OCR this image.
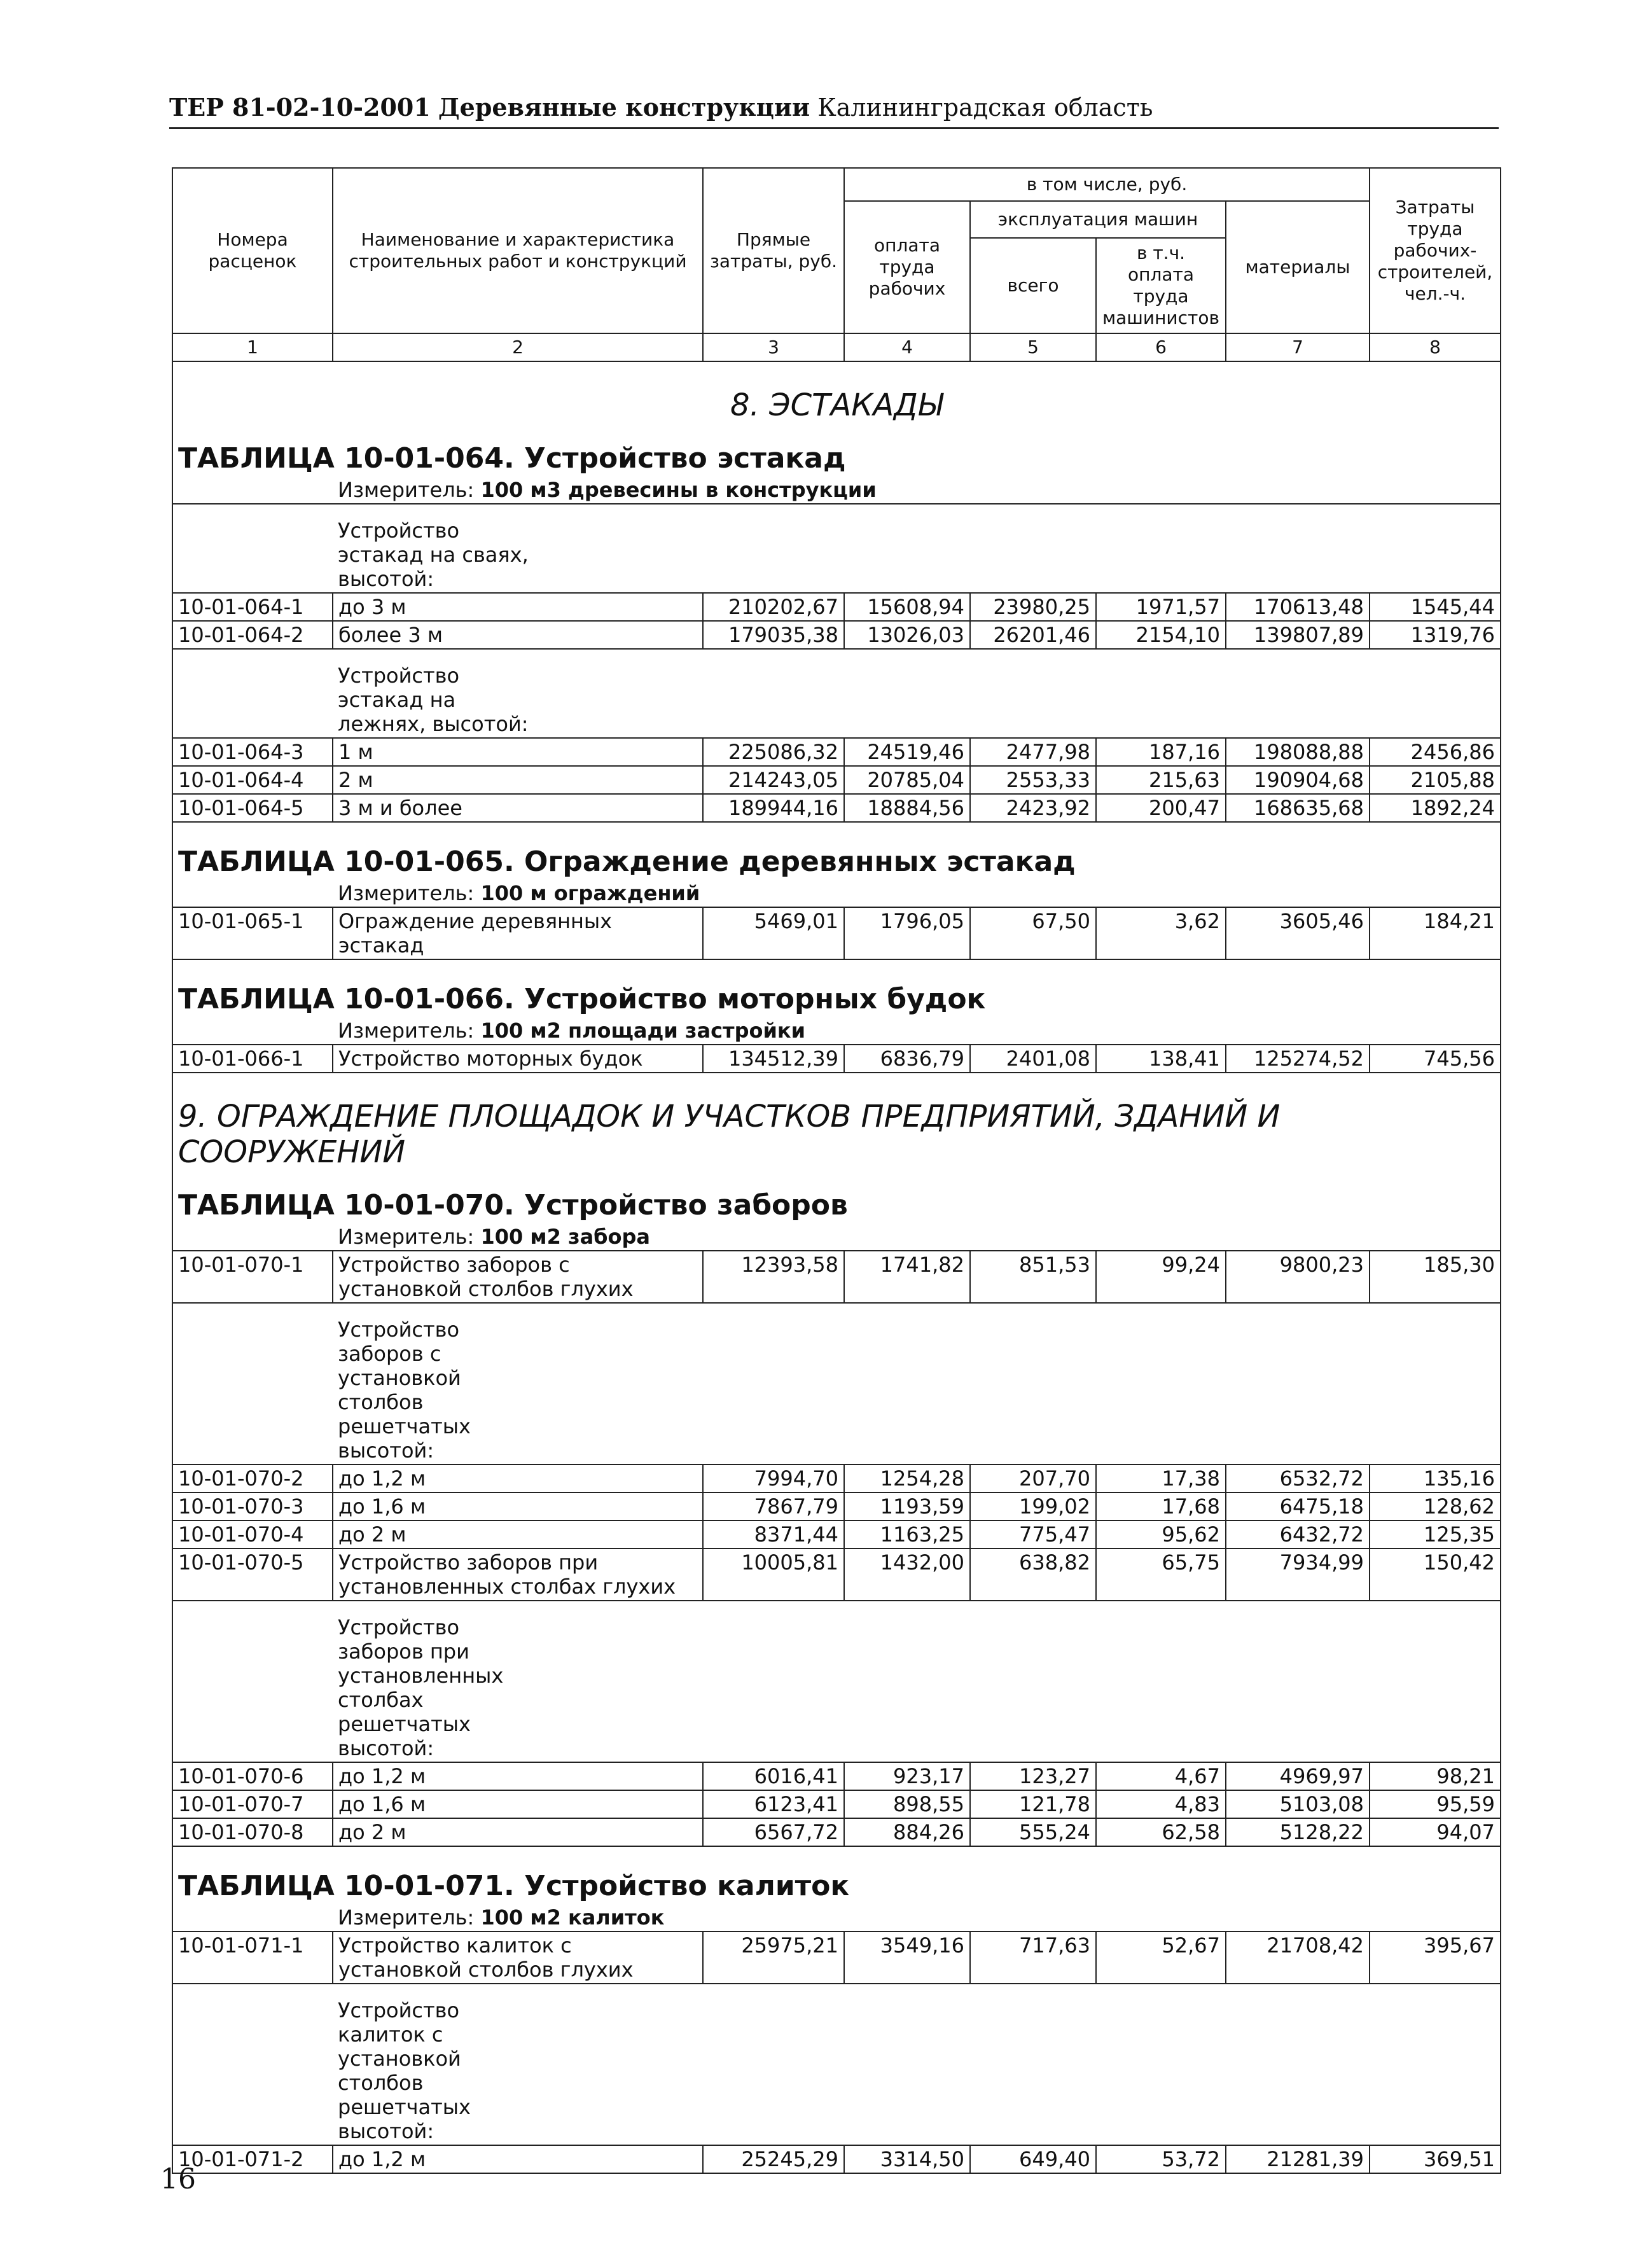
ТЕР 81-02-10-2001 Деревянные конструкции Калининградская область
Номера расценок	Наименование и характеристика строительных работ и конструкций	Прямые затраты, руб.	в том числе, руб.				Затраты труда рабочих-строителей, чел.-ч.
			оплата труда рабочих	эксплуатация машин		материалы	
				всего	в т.ч. оплата труда машинистов		
1	2	3	4	5	6	7	8
8. ЭСТАКАДЫ							
ТАБЛИЦА 10-01-064. Устройство эстакад							
	Измеритель: 100 м3 древесины в конструкции						
	Устройство эстакад на сваях, высотой:						
10-01-064-1	до 3 м	210202,67	15608,94	23980,25	1971,57	170613,48	1545,44
10-01-064-2	более 3 м	179035,38	13026,03	26201,46	2154,10	139807,89	1319,76
	Устройство эстакад на лежнях, высотой:						
10-01-064-3	1 м	225086,32	24519,46	2477,98	187,16	198088,88	2456,86
10-01-064-4	2 м	214243,05	20785,04	2553,33	215,63	190904,68	2105,88
10-01-064-5	3 м и более	189944,16	18884,56	2423,92	200,47	168635,68	1892,24
ТАБЛИЦА 10-01-065. Ограждение деревянных эстакад							
	Измеритель: 100 м ограждений						
10-01-065-1	Ограждение деревянных эстакад	5469,01	1796,05	67,50	3,62	3605,46	184,21
ТАБЛИЦА 10-01-066. Устройство моторных будок							
	Измеритель: 100 м2 площади застройки						
10-01-066-1	Устройство моторных будок	134512,39	6836,79	2401,08	138,41	125274,52	745,56
9. ОГРАЖДЕНИЕ ПЛОЩАДОК И УЧАСТКОВ ПРЕДПРИЯТИЙ, ЗДАНИЙ И СООРУЖЕНИЙ							
ТАБЛИЦА 10-01-070. Устройство заборов							
	Измеритель: 100 м2 забора						
10-01-070-1	Устройство заборов с установкой столбов глухих	12393,58	1741,82	851,53	99,24	9800,23	185,30
	Устройство заборов с установкой столбов решетчатых высотой:						
10-01-070-2	до 1,2 м	7994,70	1254,28	207,70	17,38	6532,72	135,16
10-01-070-3	до 1,6 м	7867,79	1193,59	199,02	17,68	6475,18	128,62
10-01-070-4	до 2 м	8371,44	1163,25	775,47	95,62	6432,72	125,35
10-01-070-5	Устройство заборов при установленных столбах глухих	10005,81	1432,00	638,82	65,75	7934,99	150,42
	Устройство заборов при установленных столбах решетчатых высотой:						
10-01-070-6	до 1,2 м	6016,41	923,17	123,27	4,67	4969,97	98,21
10-01-070-7	до 1,6 м	6123,41	898,55	121,78	4,83	5103,08	95,59
10-01-070-8	до 2 м	6567,72	884,26	555,24	62,58	5128,22	94,07
ТАБЛИЦА 10-01-071. Устройство калиток							
	Измеритель: 100 м2 калиток						
10-01-071-1	Устройство калиток с установкой столбов глухих	25975,21	3549,16	717,63	52,67	21708,42	395,67
	Устройство калиток с установкой столбов решетчатых высотой:						
10-01-071-2	до 1,2 м	25245,29	3314,50	649,40	53,72	21281,39	369,51
16
